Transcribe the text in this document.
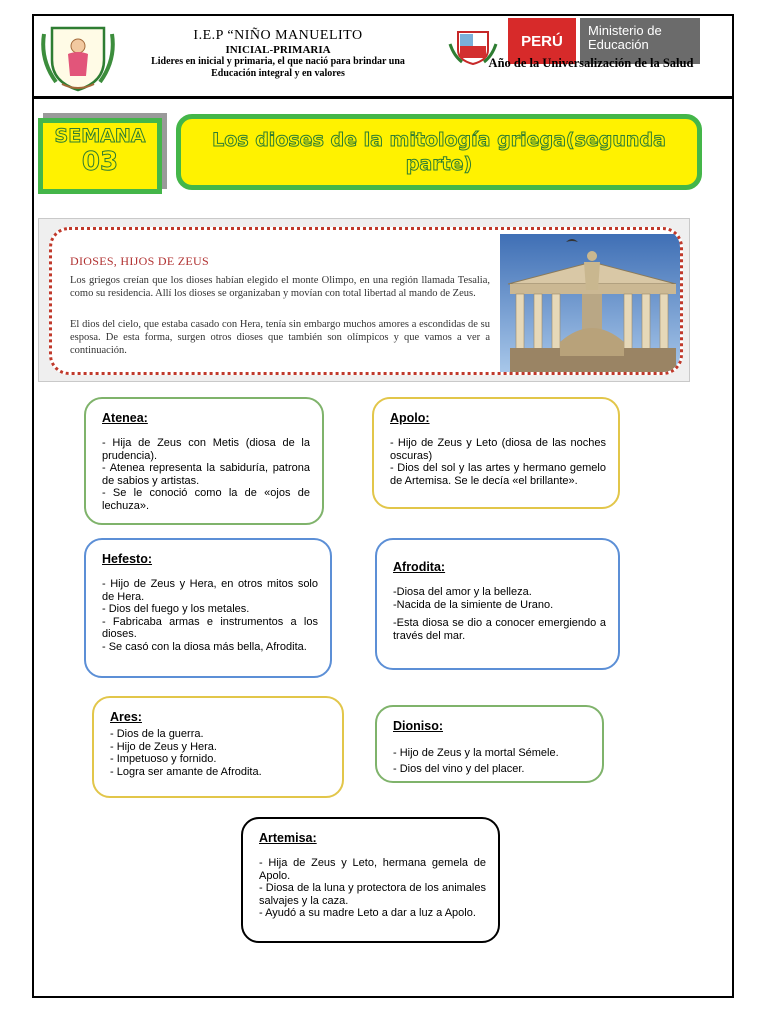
I.E.P “NIÑO MANUELITO
INICIAL-PRIMARIA
Lideres en inicial y primaria, el que nació para brindar una Educación integral y en valores
PERÚ
Ministerio de Educación
Año de la Universalización de la Salud
SEMANA
03
Los dioses de la mitología griega(segunda parte)
DIOSES, HIJOS DE ZEUS
Los griegos creían que los dioses habían elegido el monte Olimpo, en una región llamada Tesalia, como su residencia. Allí los dioses se organizaban y movían con total libertad al mando de Zeus.
El dios del cielo, que estaba casado con Hera, tenía sin embargo muchos amores a escondidas de su esposa. De esta forma, surgen otros dioses que también son olímpicos y que vamos a ver a continuación.
Atenea:
- Hija de Zeus con Metis (diosa de la prudencia).
- Atenea representa la sabiduría, patrona de sabios y artistas.
- Se le conoció como la de «ojos de lechuza».
Apolo:
- Hijo de Zeus y Leto (diosa de las noches oscuras)
- Dios del sol y las artes y hermano gemelo de Artemisa. Se le decía «el brillante».
Hefesto:
- Hijo de Zeus y Hera, en otros mitos solo de Hera.
- Dios del fuego y los metales.
- Fabricaba armas e instrumentos a los dioses.
- Se casó con la diosa más bella, Afrodita.
Afrodita:
-Diosa del amor y la belleza.
-Nacida de la simiente de Urano.
-Esta diosa se dio a conocer emergiendo a través del mar.
Ares:
- Dios de la guerra.
- Hijo de Zeus y Hera.
- Impetuoso y fornido.
- Logra ser amante de Afrodita.
Dioniso:
- Hijo de Zeus y la mortal Sémele.
- Dios del vino y del placer.
Artemisa:
- Hija de Zeus y Leto, hermana gemela de Apolo.
- Diosa de la luna y protectora de los animales salvajes y la caza.
- Ayudó a su madre Leto a dar a luz a Apolo.
